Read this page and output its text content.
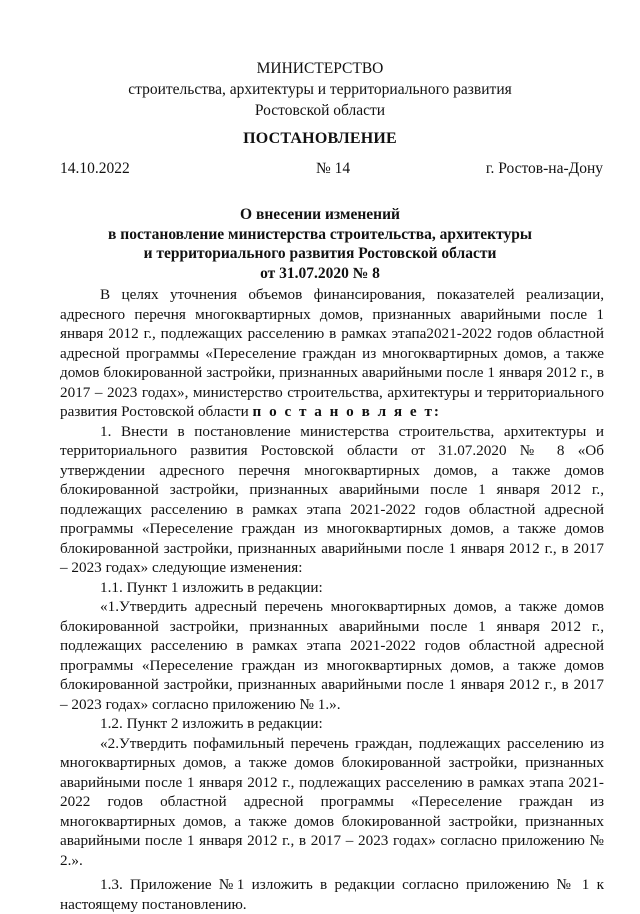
МИНИСТЕРСТВО
строительства, архитектуры и территориального развития
Ростовской области
ПОСТАНОВЛЕНИЕ
14.10.2022	№ 14	г. Ростов-на-Дону
О внесении изменений
в постановление министерства строительства, архитектуры
и территориального развития Ростовской области
от 31.07.2020 № 8

В целях уточнения объемов финансирования, показателей реализации, адресного перечня многоквартирных домов, признанных аварийными после 1 января 2012 г., подлежащих расселению в рамках этапа2021-2022 годов областной адресной программы «Переселение граждан из многоквартирных домов, а также домов блокированной застройки, признанных аварийными после 1 января 2012 г., в 2017 – 2023 годах», министерство строительства, архитектуры и территориального развития Ростовской области п о с т а н о в л я е т:

1. Внести в постановление министерства строительства, архитектуры и территориального развития Ростовской области от 31.07.2020 № 8 «Об утверждении адресного перечня многоквартирных домов, а также домов блокированной застройки, признанных аварийными после 1 января 2012 г., подлежащих расселению в рамках этапа 2021-2022 годов областной адресной программы «Переселение граждан из многоквартирных домов, а также домов блокированной застройки, признанных аварийными после 1 января 2012 г., в 2017 – 2023 годах» следующие изменения:

1.1. Пункт 1 изложить в редакции:

«1.Утвердить адресный перечень многоквартирных домов, а также домов блокированной застройки, признанных аварийными после 1 января 2012 г., подлежащих расселению в рамках этапа 2021-2022 годов областной адресной программы «Переселение граждан из многоквартирных домов, а также домов блокированной застройки, признанных аварийными после 1 января 2012 г., в 2017 – 2023 годах» согласно приложению № 1.».

1.2. Пункт 2 изложить в редакции:

«2.Утвердить пофамильный перечень граждан, подлежащих расселению из многоквартирных домов, а также домов блокированной застройки, признанных аварийными после 1 января 2012 г., подлежащих расселению в рамках этапа 2021-2022 годов областной адресной программы «Переселение граждан из многоквартирных домов, а также домов блокированной застройки, признанных аварийными после 1 января 2012 г., в 2017 – 2023 годах» согласно приложению № 2.».

1.3. Приложение №1 изложить в редакции согласно приложению № 1 к настоящему постановлению.
